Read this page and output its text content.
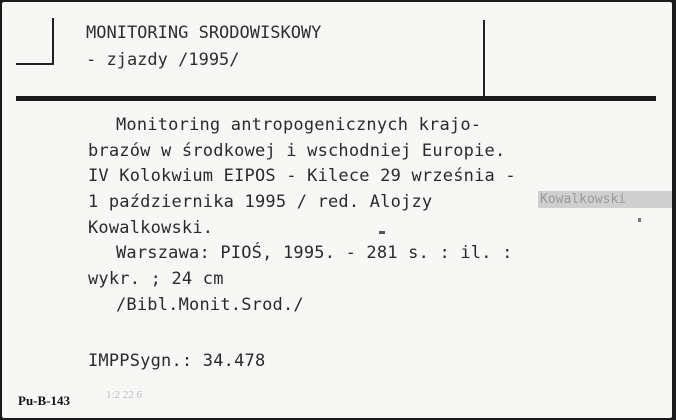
MONITORING SRODOWISKOWY
- zjazdy /1995/
Monitoring antropogenicznych krajo-
brazów w środkowej i wschodniej Europie.
IV Kolokwium EIPOS - Kilece 29 września -
1 października 1995 / red. Alojzy	Kowalkowski
Kowalkowski.
Warszawa: PIOŚ, 1995. - 281 s. : il. :
wykr. ; 24 cm
/Bibl.Monit.Srod./
IMPPSygn.: 34.478
Pu-B-143	1:2 22 6
